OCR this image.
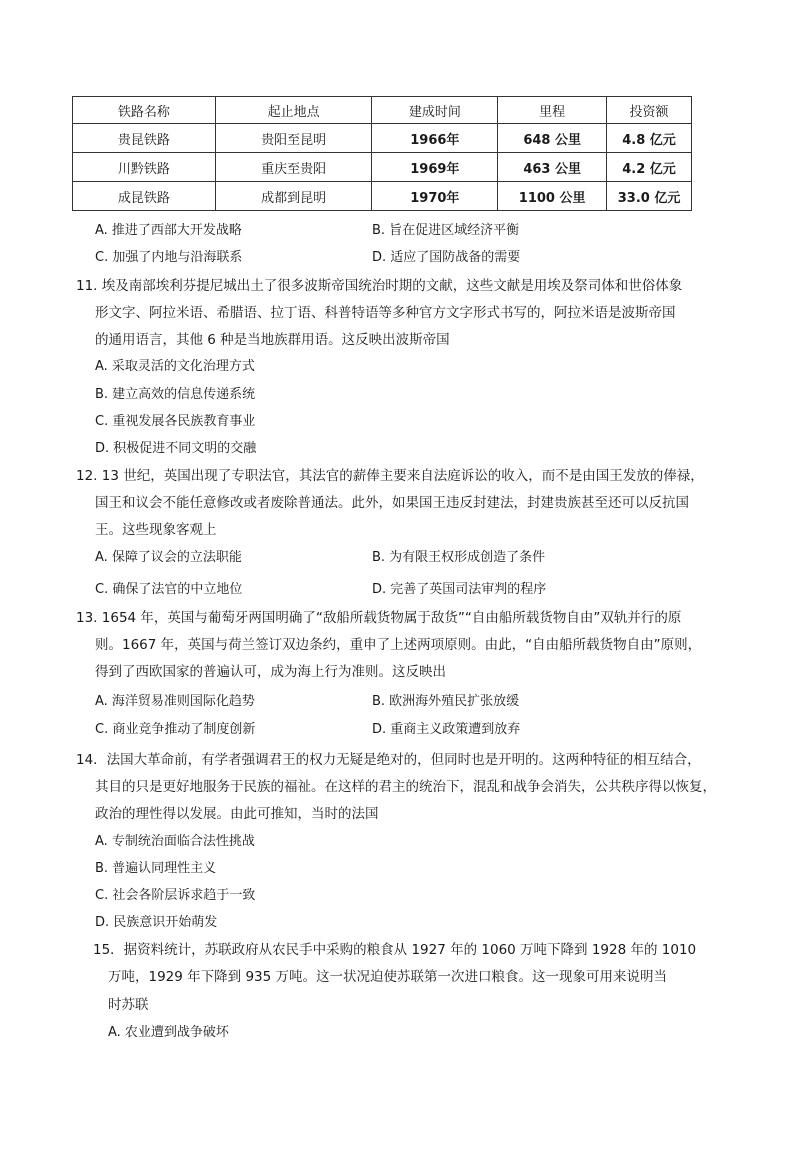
铁路名称	起止地点	建成时间	里程	投资额
贵昆铁路	贵阳至昆明	1966年	648 公里	4.8 亿元
川黔铁路	重庆至贵阳	1969年	463 公里	4.2 亿元
成昆铁路	成都到昆明	1970年	1100 公里	33.0 亿元
A. 推进了西部大开发战略	B. 旨在促进区域经济平衡
C. 加强了内地与沿海联系	D. 适应了国防战备的需要
11. 埃及南部埃利芬提尼城出土了很多波斯帝国统治时期的文献，这些文献是用埃及祭司体和世俗体象
形文字、阿拉米语、希腊语、拉丁语、科普特语等多种官方文字形式书写的，阿拉米语是波斯帝国
的通用语言，其他 6 种是当地族群用语。这反映出波斯帝国
A. 采取灵活的文化治理方式
B. 建立高效的信息传递系统
C. 重视发展各民族教育事业
D. 积极促进不同文明的交融
12. 13 世纪，英国出现了专职法官，其法官的薪俸主要来自法庭诉讼的收入，而不是由国王发放的俸禄，
国王和议会不能任意修改或者废除普通法。此外，如果国王违反封建法，封建贵族甚至还可以反抗国
王。这些现象客观上
A. 保障了议会的立法职能	B. 为有限王权形成创造了条件
C. 确保了法官的中立地位	D. 完善了英国司法审判的程序
13. 1654 年，英国与葡萄牙两国明确了“敌船所载货物属于敌货”“自由船所载货物自由”双轨并行的原
则。1667 年，英国与荷兰签订双边条约，重申了上述两项原则。由此，“自由船所载货物自由”原则，
得到了西欧国家的普遍认可，成为海上行为准则。这反映出
A. 海洋贸易准则国际化趋势	B. 欧洲海外殖民扩张放缓
C. 商业竞争推动了制度创新	D. 重商主义政策遭到放弃
14．法国大革命前，有学者强调君王的权力无疑是绝对的，但同时也是开明的。这两种特征的相互结合，
其目的只是更好地服务于民族的福祉。在这样的君主的统治下，混乱和战争会消失，公共秩序得以恢复，
政治的理性得以发展。由此可推知，当时的法国
A. 专制统治面临合法性挑战
B. 普遍认同理性主义
C. 社会各阶层诉求趋于一致
D. 民族意识开始萌发
15．据资料统计，苏联政府从农民手中采购的粮食从 1927 年的 1060 万吨下降到 1928 年的 1010
万吨，1929 年下降到 935 万吨。这一状况迫使苏联第一次进口粮食。这一现象可用来说明当
时苏联
A. 农业遭到战争破坏
